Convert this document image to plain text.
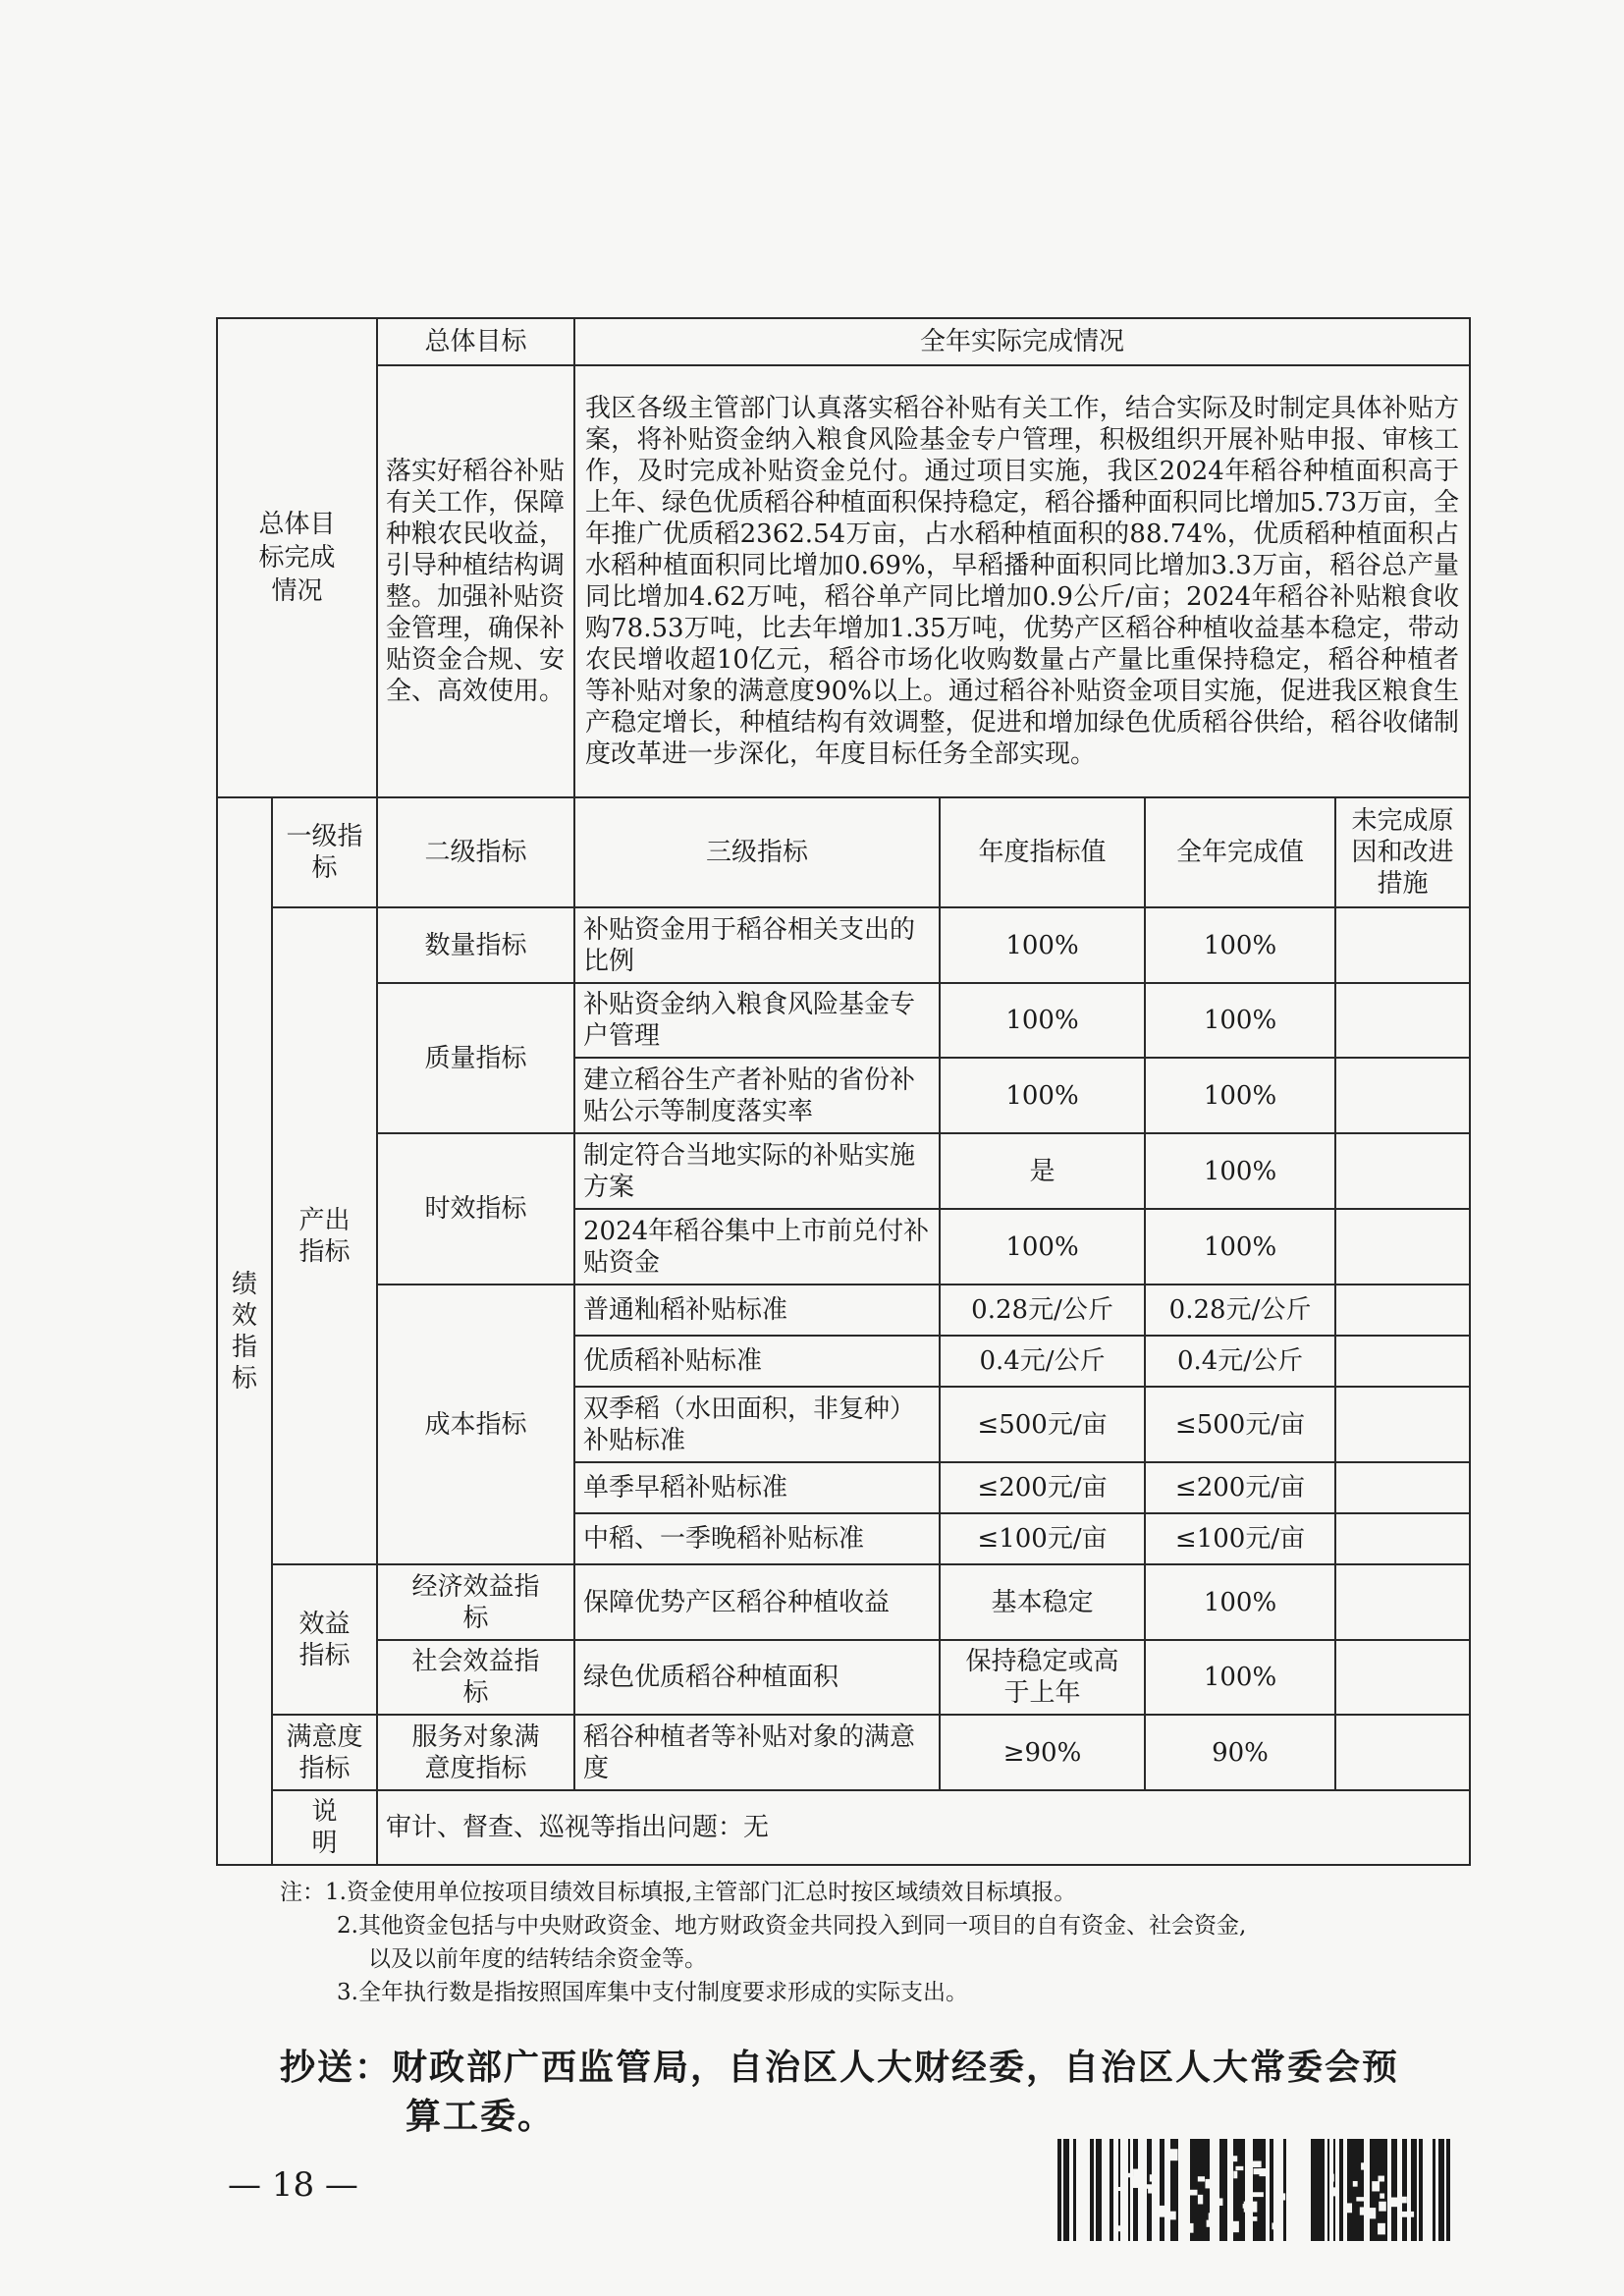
总体目标完成情况		总体目标	全年实际完成情况			
		落实好稻谷补贴有关工作，保障种粮农民收益，引导种植结构调整。加强补贴资金管理，确保补贴资金合规、安全、高效使用。	我区各级主管部门认真落实稻谷补贴有关工作，结合实际及时制定具体补贴方案，将补贴资金纳入粮食风险基金专户管理，积极组织开展补贴申报、审核工作，及时完成补贴资金兑付。通过项目实施，我区2024年稻谷种植面积高于上年、绿色优质稻谷种植面积保持稳定，稻谷播种面积同比增加5.73万亩，全年推广优质稻2362.54万亩，占水稻种植面积的88.74%，优质稻种植面积占水稻种植面积同比增加0.69%，早稻播种面积同比增加3.3万亩，稻谷总产量同比增加4.62万吨，稻谷单产同比增加0.9公斤/亩；2024年稻谷补贴粮食收购78.53万吨，比去年增加1.35万吨，优势产区稻谷种植收益基本稳定，带动农民增收超10亿元，稻谷市场化收购数量占产量比重保持稳定，稻谷种植者等补贴对象的满意度90%以上。通过稻谷补贴资金项目实施，促进我区粮食生产稳定增长，种植结构有效调整，促进和增加绿色优质稻谷供给，稻谷收储制度改革进一步深化，年度目标任务全部实现。			
绩效指标	一级指标	二级指标	三级指标	年度指标值	全年完成值	未完成原因和改进措施

	产出指标	数量指标	补贴资金用于稻谷相关支出的比例	100%	100%	
		质量指标	补贴资金纳入粮食风险基金专户管理	100%	100%	
			建立稻谷生产者补贴的省份补贴公示等制度落实率	100%	100%	
		时效指标	制定符合当地实际的补贴实施方案	是	100%	
			2024年稻谷集中上市前兑付补贴资金	100%	100%	
		成本指标	普通籼稻补贴标准	0.28元/公斤	0.28元/公斤	
			优质稻补贴标准	0.4元/公斤	0.4元/公斤	
			双季稻（水田面积，非复种）补贴标准	≤500元/亩	≤500元/亩	
			单季早稻补贴标准	≤200元/亩	≤200元/亩	
			中稻、一季晚稻补贴标准	≤100元/亩	≤100元/亩	

	效益指标	经济效益指标	保障优势产区稻谷种植收益	基本稳定	100%	

		社会效益指标	绿色优质稻谷种植面积	保持稳定或高于上年	100%	

	满意度指标	服务对象满意度指标	稻谷种植者等补贴对象的满意度	≥90%	90%	
	说明	审计、督查、巡视等指出问题：无				
注：1.资金使用单位按项目绩效目标填报,主管部门汇总时按区域绩效目标填报。
2.其他资金包括与中央财政资金、地方财政资金共同投入到同一项目的自有资金、社会资金,
以及以前年度的结转结余资金等。
3.全年执行数是指按照国库集中支付制度要求形成的实际支出。
抄送：财政部广西监管局，自治区人大财经委，自治区人大常委会预
算工委。
— 18 —
